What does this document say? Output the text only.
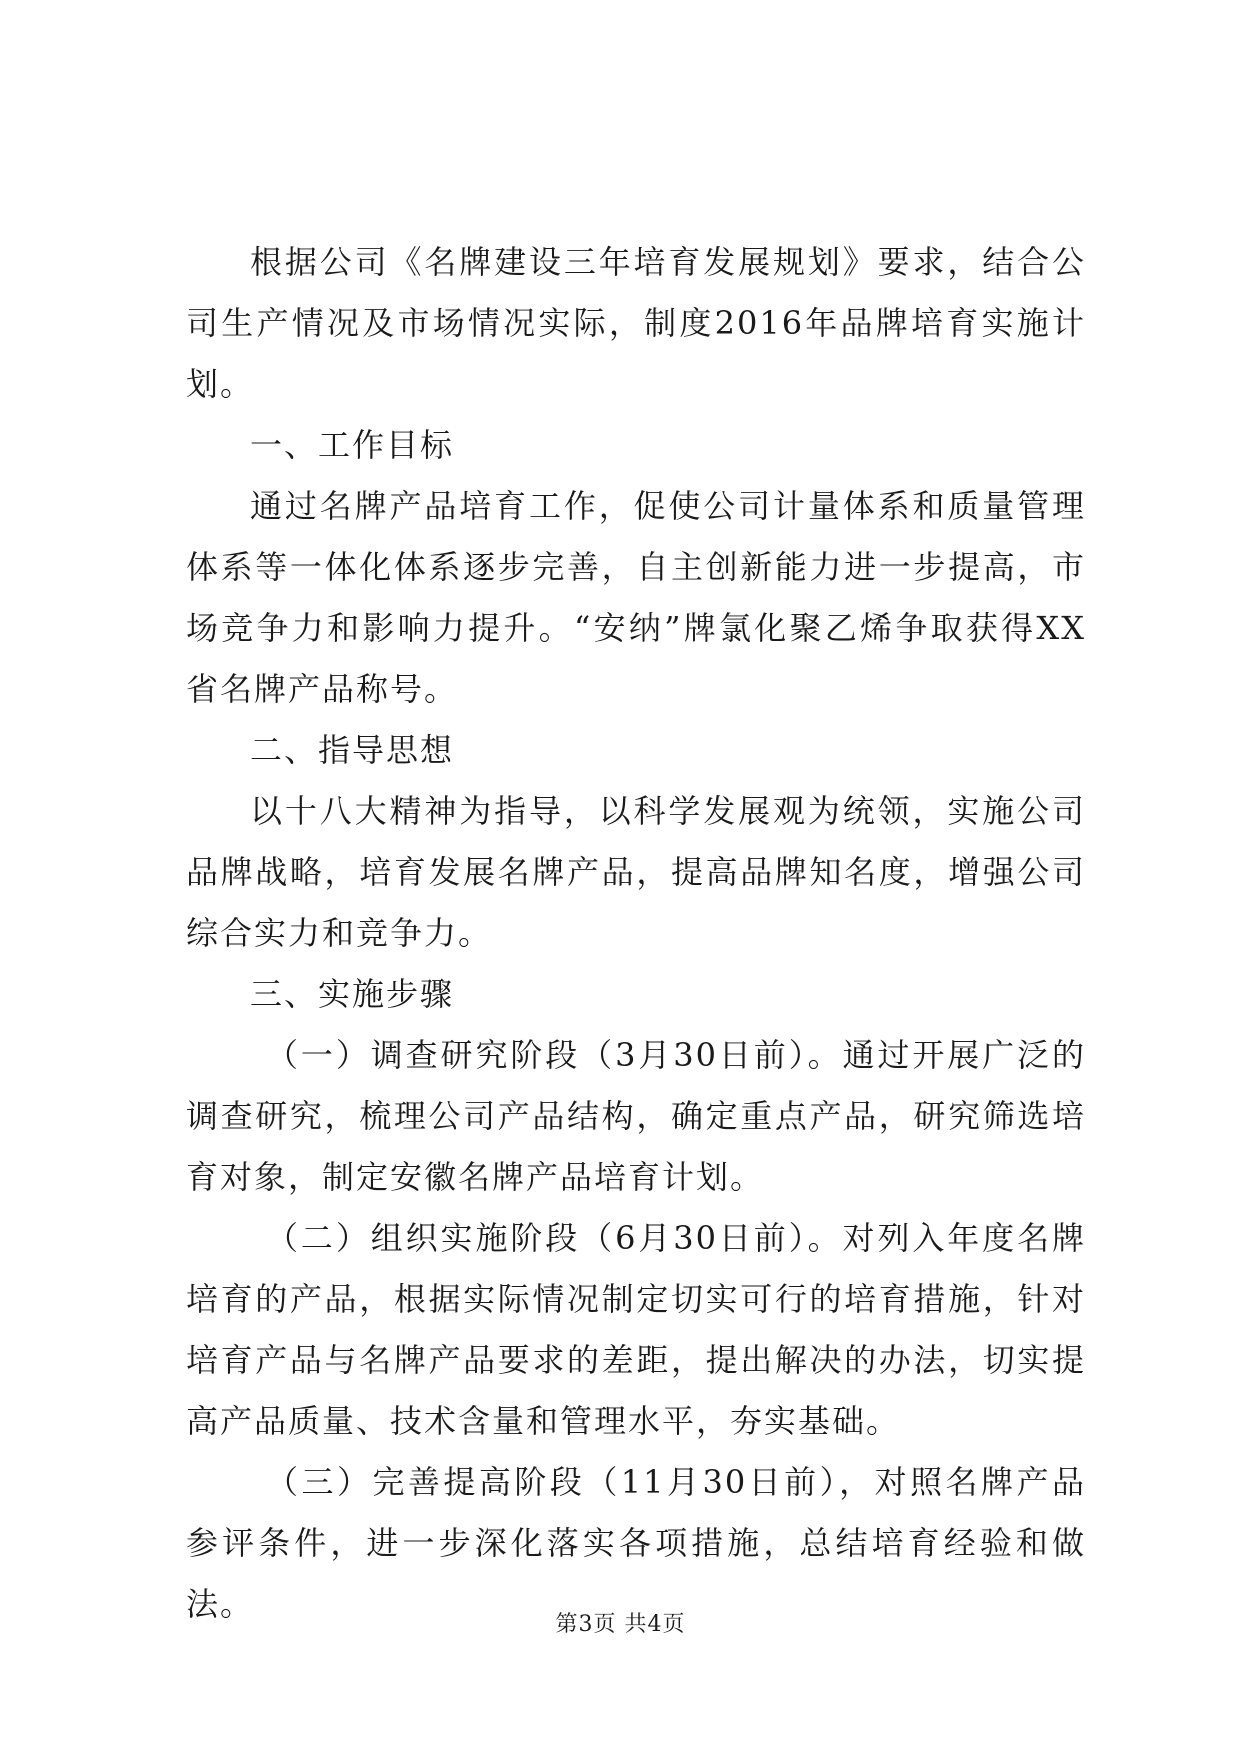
根据公司《名牌建设三年培育发展规划》要求，结合公司生产情况及市场情况实际，制度2016年品牌培育实施计划。

一、工作目标

通过名牌产品培育工作，促使公司计量体系和质量管理体系等一体化体系逐步完善，自主创新能力进一步提高，市场竞争力和影响力提升。“安纳”牌氯化聚乙烯争取获得XX省名牌产品称号。

二、指导思想

以十八大精神为指导，以科学发展观为统领，实施公司品牌战略，培育发展名牌产品，提高品牌知名度，增强公司综合实力和竞争力。

三、实施步骤

（一）调查研究阶段（3月30日前）。通过开展广泛的调查研究，梳理公司产品结构，确定重点产品，研究筛选培育对象，制定安徽名牌产品培育计划。

（二）组织实施阶段（6月30日前）。对列入年度名牌培育的产品，根据实际情况制定切实可行的培育措施，针对培育产品与名牌产品要求的差距，提出解决的办法，切实提高产品质量、技术含量和管理水平，夯实基础。

（三）完善提高阶段（11月30日前），对照名牌产品参评条件，进一步深化落实各项措施，总结培育经验和做法。

第3页 共4页
